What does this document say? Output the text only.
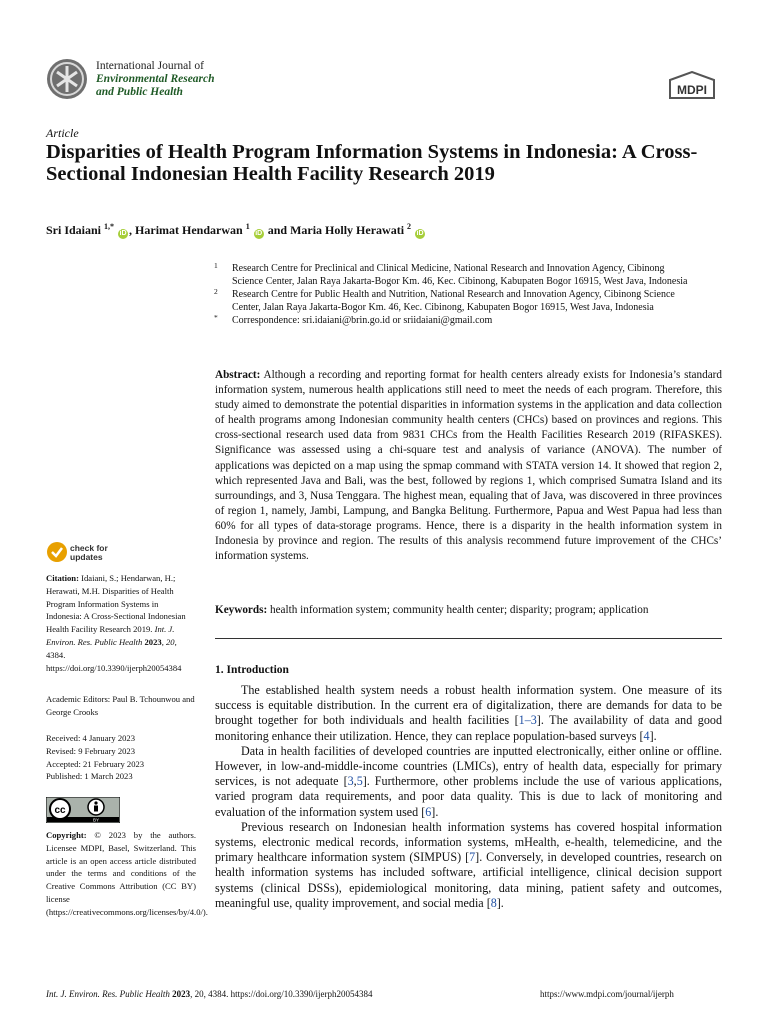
International Journal of
Environmental Research
and Public Health	MDPI
Article
Disparities of Health Program Information Systems in Indonesia: A Cross-Sectional Indonesian Health Facility Research 2019
Sri Idaiani $^{1,*}$ iD , Harimat Hendarwan $^1$ iD and Maria Holly Herawati $^2$ iD
1 Research Centre for Preclinical and Clinical Medicine, National Research and Innovation Agency, Cibinong Science Center, Jalan Raya Jakarta-Bogor Km. 46, Kec. Cibinong, Kabupaten Bogor 16915, West Java, Indonesia
2 Research Centre for Public Health and Nutrition, National Research and Innovation Agency, Cibinong Science Center, Jalan Raya Jakarta-Bogor Km. 46, Kec. Cibinong, Kabupaten Bogor 16915, West Java, Indonesia
* Correspondence: sri.idaiani@brin.go.id or sriidaiani@gmail.com
Abstract: Although a recording and reporting format for health centers already exists for Indonesia’s standard information system, numerous health applications still need to meet the needs of each program. Therefore, this study aimed to demonstrate the potential disparities in information systems in the application and data collection of health programs among Indonesian community health centers (CHCs) based on provinces and regions. This cross-sectional research used data from 9831 CHCs from the Health Facilities Research 2019 (RIFASKES). Significance was assessed using a chi-square test and analysis of variance (ANOVA). The number of applications was depicted on a map using the spmap command with STATA version 14. It showed that region 2, which represented Java and Bali, was the best, followed by regions 1, which comprised Sumatra Island and its surroundings, and 3, Nusa Tenggara. The highest mean, equaling that of Java, was discovered in three provinces of region 1, namely, Jambi, Lampung, and Bangka Belitung. Furthermore, Papua and West Papua had less than 60% for all types of data-storage programs. Hence, there is a disparity in the health information system in Indonesia by province and region. The results of this analysis recommend future improvement of the CHCs’ information systems.
Keywords: health information system; community health center; disparity; program; application
check for
updates
Citation: Idaiani, S.; Hendarwan, H.; Herawati, M.H. Disparities of Health Program Information Systems in Indonesia: A Cross-Sectional Indonesian Health Facility Research 2019. Int. J. Environ. Res. Public Health 2023, 20, 4384. https://doi.org/10.3390/ijerph20054384
Academic Editors: Paul B. Tchounwou and George Crooks
Received: 4 January 2023
Revised: 9 February 2023
Accepted: 21 February 2023
Published: 1 March 2023
cc
BY
Copyright: © 2023 by the authors. Licensee MDPI, Basel, Switzerland. This article is an open access article distributed under the terms and conditions of the Creative Commons Attribution (CC BY) license (https://creativecommons.org/licenses/by/4.0/).
1. Introduction

The established health system needs a robust health information system. One measure of its success is equitable distribution. In the current era of digitalization, there are demands for data to be brought together for both individuals and health facilities [1–3]. The availability of data and good monitoring enhance their utilization. Hence, they can replace population-based surveys [4].

Data in health facilities of developed countries are inputted electronically, either online or offline. However, in low-and-middle-income countries (LMICs), entry of health data, especially for primary services, is not adequate [3,5]. Furthermore, other problems include the use of various applications, varied program data requirements, and poor data quality. This is due to lack of monitoring and evaluation of the information system used [6].

Previous research on Indonesian health information systems has covered hospital information systems, electronic medical records, information systems, mHealth, e-health, telemedicine, and the primary healthcare information system (SIMPUS) [7]. Conversely, in developed countries, research on health information systems has included software, artificial intelligence, clinical decision support systems (clinical DSSs), epidemiological monitoring, data mining, patient safety and outcomes, meaningful use, quality improvement, and social media [8].

Int. J. Environ. Res. Public Health 2023, 20, 4384. https://doi.org/10.3390/ijerph20054384	https://www.mdpi.com/journal/ijerph
